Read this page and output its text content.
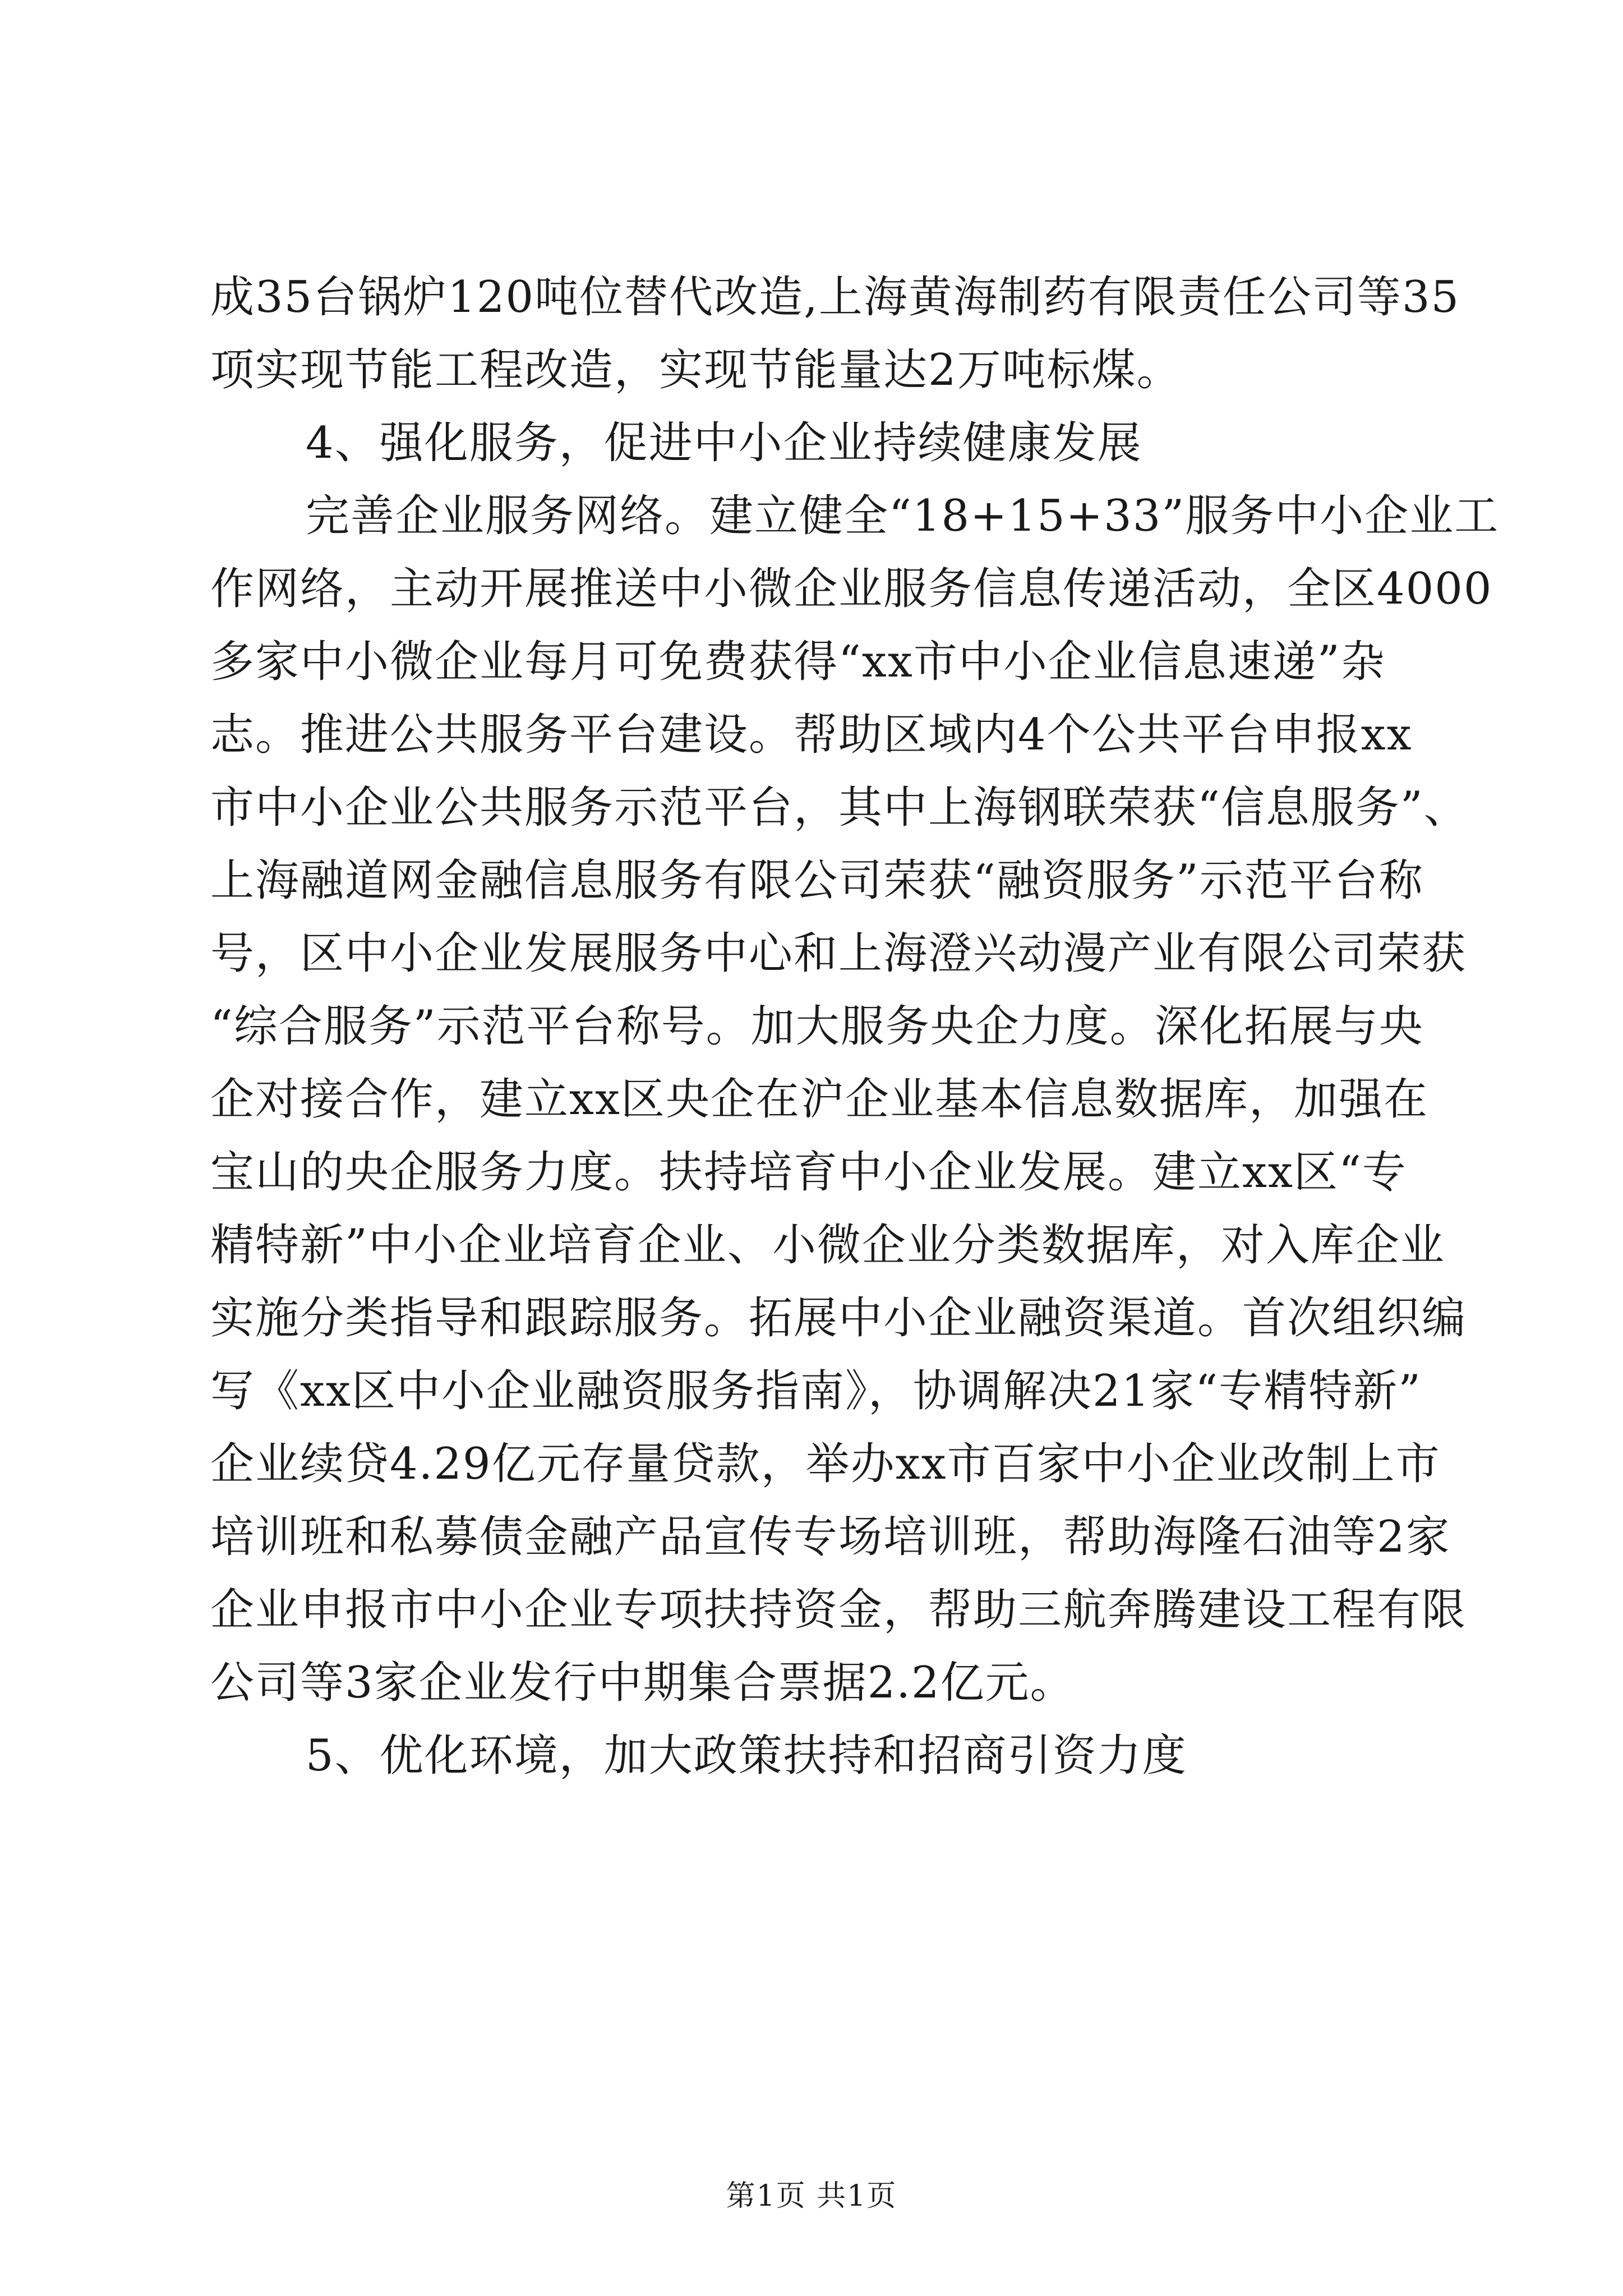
成35台锅炉120吨位替代改造,上海黄海制药有限责任公司等35
项实现节能工程改造，实现节能量达2万吨标煤。
4、强化服务，促进中小企业持续健康发展
完善企业服务网络。建立健全“18+15+33”服务中小企业工
作网络，主动开展推送中小微企业服务信息传递活动，全区4000
多家中小微企业每月可免费获得“xx市中小企业信息速递”杂
志。推进公共服务平台建设。帮助区域内4个公共平台申报xx
市中小企业公共服务示范平台，其中上海钢联荣获“信息服务”、
上海融道网金融信息服务有限公司荣获“融资服务”示范平台称
号，区中小企业发展服务中心和上海澄兴动漫产业有限公司荣获
“综合服务”示范平台称号。加大服务央企力度。深化拓展与央
企对接合作，建立xx区央企在沪企业基本信息数据库，加强在
宝山的央企服务力度。扶持培育中小企业发展。建立xx区“专
精特新”中小企业培育企业、小微企业分类数据库，对入库企业
实施分类指导和跟踪服务。拓展中小企业融资渠道。首次组织编
写《xx区中小企业融资服务指南》，协调解决21家“专精特新”
企业续贷4.29亿元存量贷款，举办xx市百家中小企业改制上市
培训班和私募债金融产品宣传专场培训班，帮助海隆石油等2家
企业申报市中小企业专项扶持资金，帮助三航奔腾建设工程有限
公司等3家企业发行中期集合票据2.2亿元。
5、优化环境，加大政策扶持和招商引资力度
第1页 共1页
